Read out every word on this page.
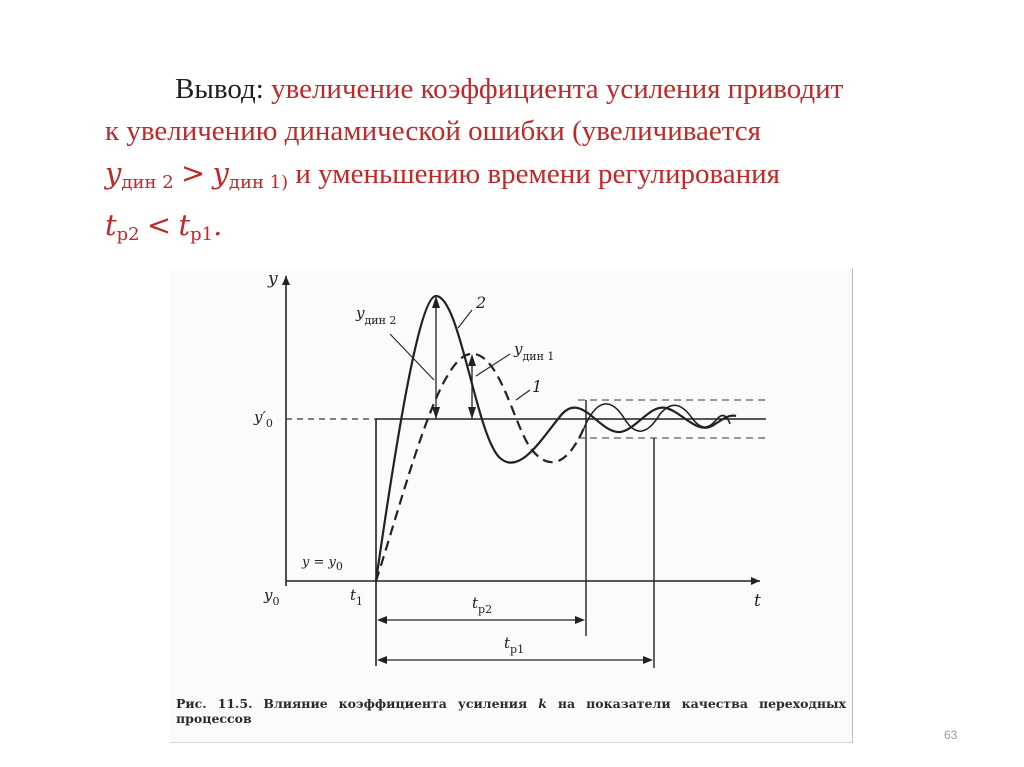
Вывод: увеличение коэффициента усиления приводит
к увеличению динамической ошибки (увеличивается
$y_{дин 2} > y_{дин 1)}$ и уменьшению времени регулирования
$t_{p2} < t_{p1}$.
y
t
$y'_0$
$y_0$	$t_1$
$y = y_0$
$y_{дин 2}$
$y_{дин 1}$
2
1
$t_{p2}$
$t_{p1}$
Рис. 11.5. Влияние коэффициента усиления k на показатели качества переходных процессов
63
